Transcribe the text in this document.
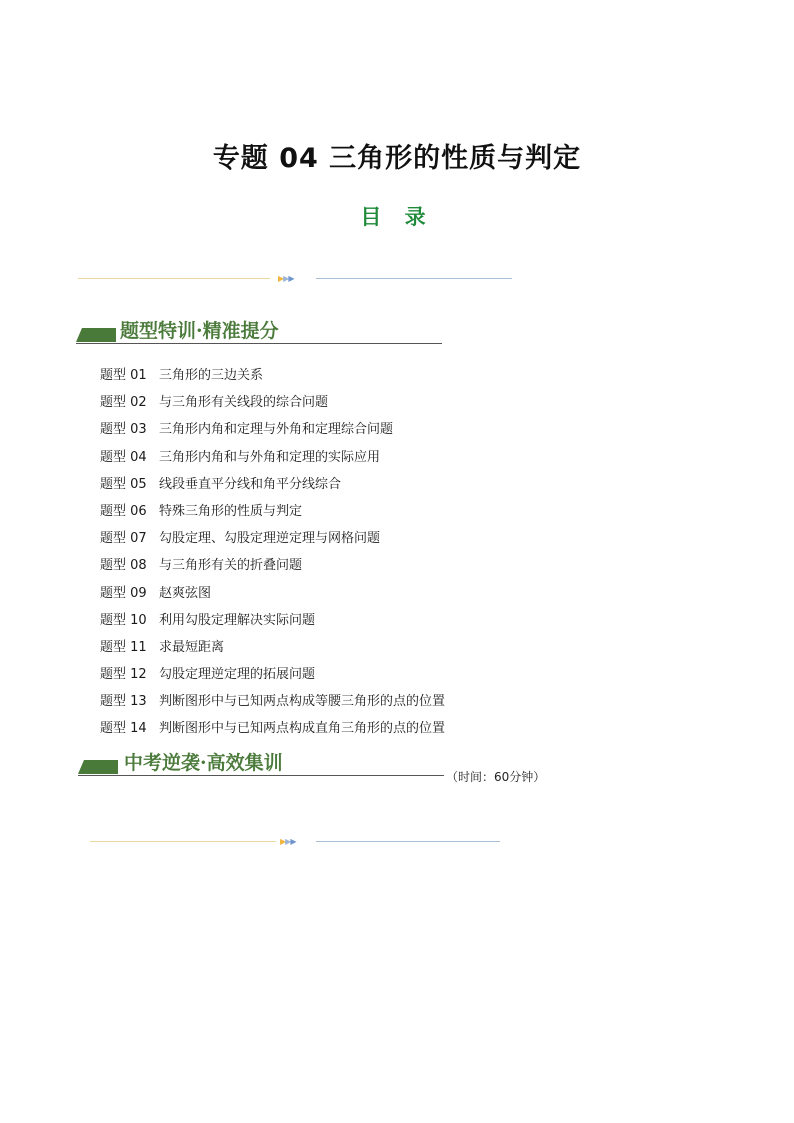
专题 04 三角形的性质与判定
目 录
▶▶▶
题型特训·精准提分
题型 01 三角形的三边关系
题型 02 与三角形有关线段的综合问题
题型 03 三角形内角和定理与外角和定理综合问题
题型 04 三角形内角和与外角和定理的实际应用
题型 05 线段垂直平分线和角平分线综合
题型 06 特殊三角形的性质与判定
题型 07 勾股定理、勾股定理逆定理与网格问题
题型 08 与三角形有关的折叠问题
题型 09 赵爽弦图
题型 10 利用勾股定理解决实际问题
题型 11 求最短距离
题型 12 勾股定理逆定理的拓展问题
题型 13 判断图形中与已知两点构成等腰三角形的点的位置
题型 14 判断图形中与已知两点构成直角三角形的点的位置
中考逆袭·高效集训
（时间：60分钟）
▶▶▶
